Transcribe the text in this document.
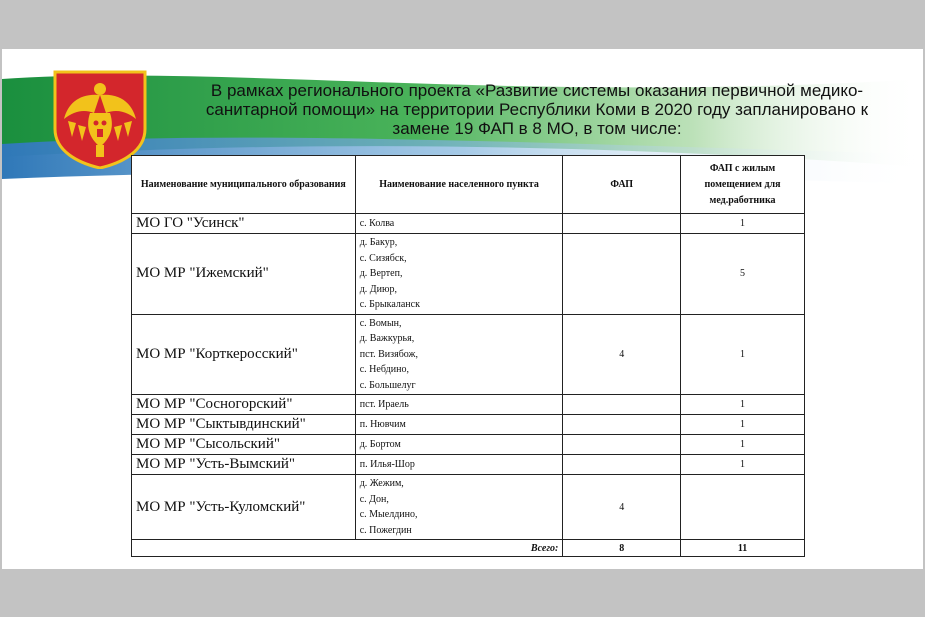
В рамках регионального проекта «Развитие системы оказания первичной медико-санитарной помощи» на территории Республики Коми в 2020 году запланировано к замене 19 ФАП в 8 МО, в том числе:
Наименование муниципального образования	Наименование населенного пункта	ФАП	ФАП с жилым помещением для мед.работника
МО ГО "Усинск"	с. Колва		1
МО МР "Ижемский"	д. Бакур,
с. Сизябск,
д. Вертеп,
д. Диюр,
с. Брыкаланск		5
МО МР "Корткеросский"	с. Вомын,
д. Важкурья,
пст. Визябож,
с. Небдино,
с. Большелуг	4	1
МО МР "Сосногорский"	пст. Ираель		1
МО МР "Сыктывдинский"	п. Нювчим		1
МО МР "Сысольский"	д. Бортом		1
МО МР "Усть-Вымский"	п. Илья-Шор		1
МО МР "Усть-Куломский"	д. Жежим,
с. Дон,
с. Мыелдино,
с. Пожегдин	4	
Всего:		8	11
